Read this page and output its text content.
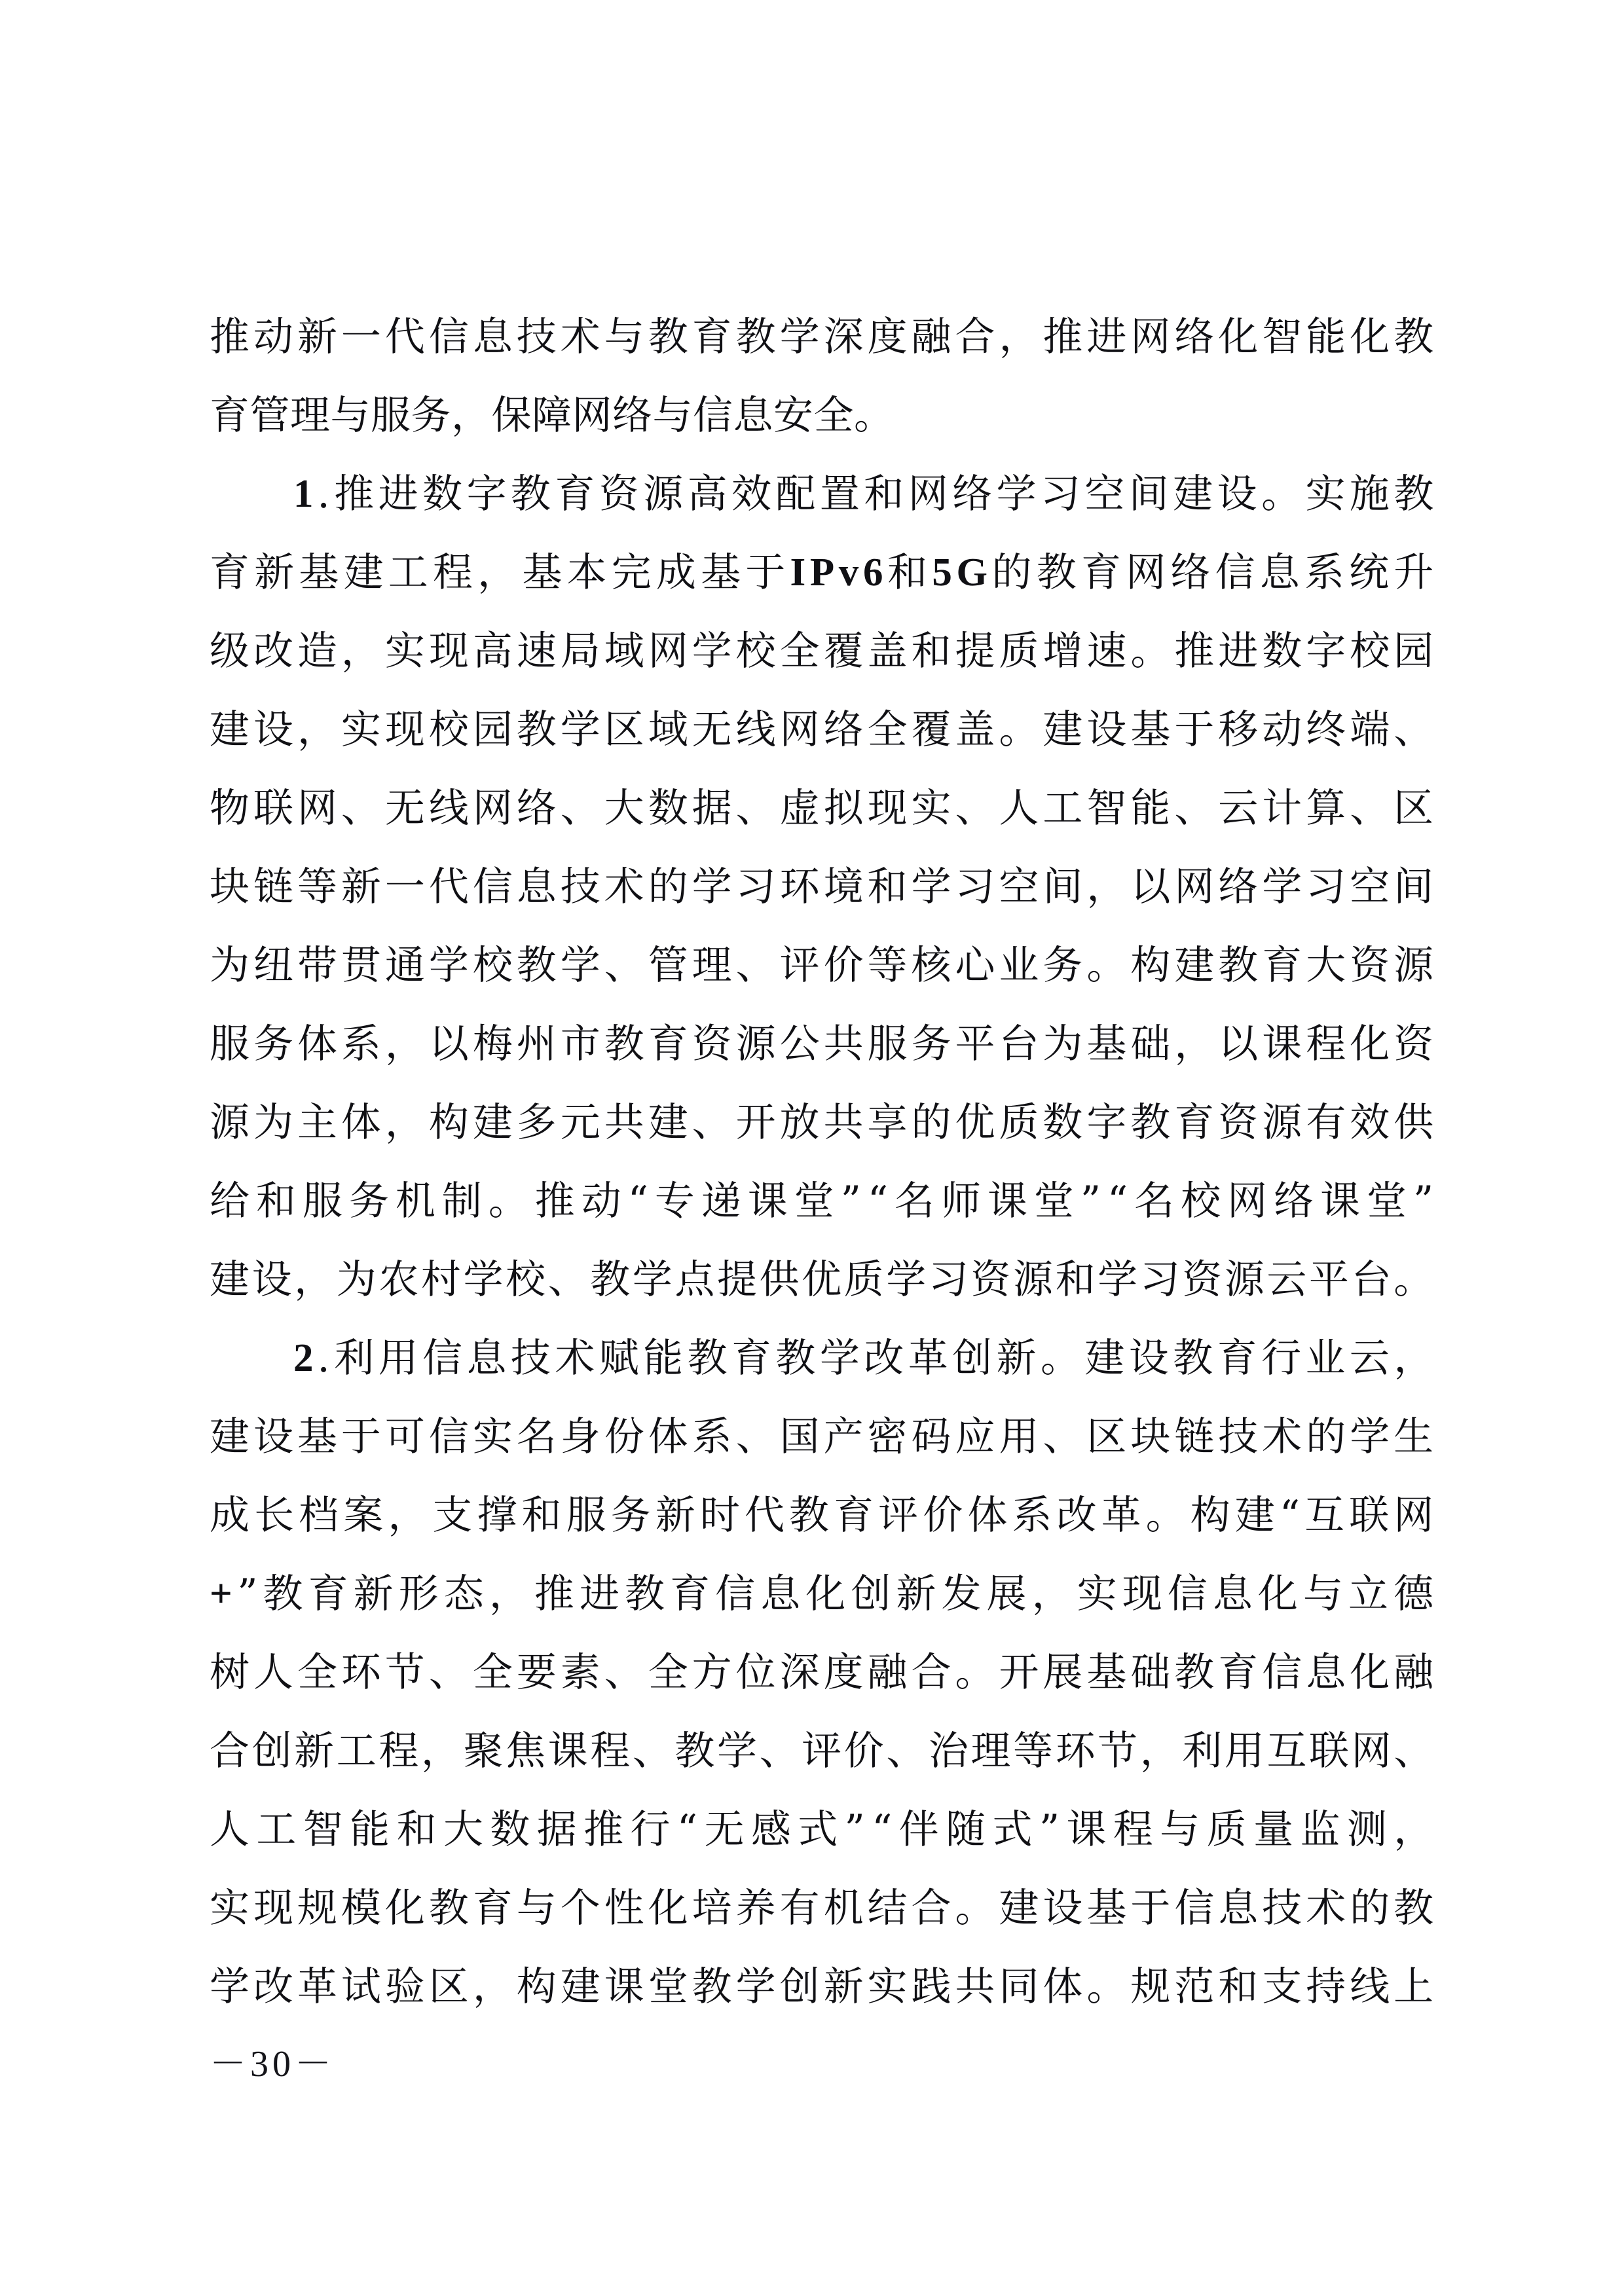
推 动 新 一 代 信 息 技 术 与 教 育 教 学 深 度 融 合 ， 推 进 网 络 化 智 能 化 教
育管理与服务，保障网络与信息安全。
1 . 推 进 数 字 教 育 资 源 高 效 配 置 和 网 络 学 习 空 间 建 设 。 实 施 教
育 新 基 建 工 程 ， 基 本 完 成 基 于 I P v 6 和 5 G 的 教 育 网 络 信 息 系 统 升
级 改 造 ， 实 现 高 速 局 域 网 学 校 全 覆 盖 和 提 质 增 速 。 推 进 数 字 校 园
建 设 ， 实 现 校 园 教 学 区 域 无 线 网 络 全 覆 盖 。 建 设 基 于 移 动 终 端 、
物 联 网 、 无 线 网 络 、 大 数 据 、 虚 拟 现 实 、 人 工 智 能 、 云 计 算 、 区
块 链 等 新 一 代 信 息 技 术 的 学 习 环 境 和 学 习 空 间 ， 以 网 络 学 习 空 间
为 纽 带 贯 通 学 校 教 学 、 管 理 、 评 价 等 核 心 业 务 。 构 建 教 育 大 资 源
服 务 体 系 ， 以 梅 州 市 教 育 资 源 公 共 服 务 平 台 为 基 础 ， 以 课 程 化 资
源 为 主 体 ， 构 建 多 元 共 建 、 开 放 共 享 的 优 质 数 字 教 育 资 源 有 效 供
给 和 服 务 机 制 。 推 动 “ 专 递 课 堂 ” “ 名 师 课 堂 ” “ 名 校 网 络 课 堂 ”
建 设 ， 为 农 村 学 校 、 教 学 点 提 供 优 质 学 习 资 源 和 学 习 资 源 云 平 台 。
2 . 利 用 信 息 技 术 赋 能 教 育 教 学 改 革 创 新 。 建 设 教 育 行 业 云 ，
建 设 基 于 可 信 实 名 身 份 体 系 、 国 产 密 码 应 用 、 区 块 链 技 术 的 学 生
成 长 档 案 ， 支 撑 和 服 务 新 时 代 教 育 评 价 体 系 改 革 。 构 建 “ 互 联 网
+ ” 教 育 新 形 态 ， 推 进 教 育 信 息 化 创 新 发 展 ， 实 现 信 息 化 与 立 德
树 人 全 环 节 、 全 要 素 、 全 方 位 深 度 融 合 。 开 展 基 础 教 育 信 息 化 融
合 创 新 工 程 ， 聚 焦 课 程 、 教 学 、 评 价 、 治 理 等 环 节 ， 利 用 互 联 网 、
人 工 智 能 和 大 数 据 推 行 “ 无 感 式 ” “ 伴 随 式 ” 课 程 与 质 量 监 测 ，
实 现 规 模 化 教 育 与 个 性 化 培 养 有 机 结 合 。 建 设 基 于 信 息 技 术 的 教
学 改 革 试 验 区 ， 构 建 课 堂 教 学 创 新 实 践 共 同 体 。 规 范 和 支 持 线 上
－30－
